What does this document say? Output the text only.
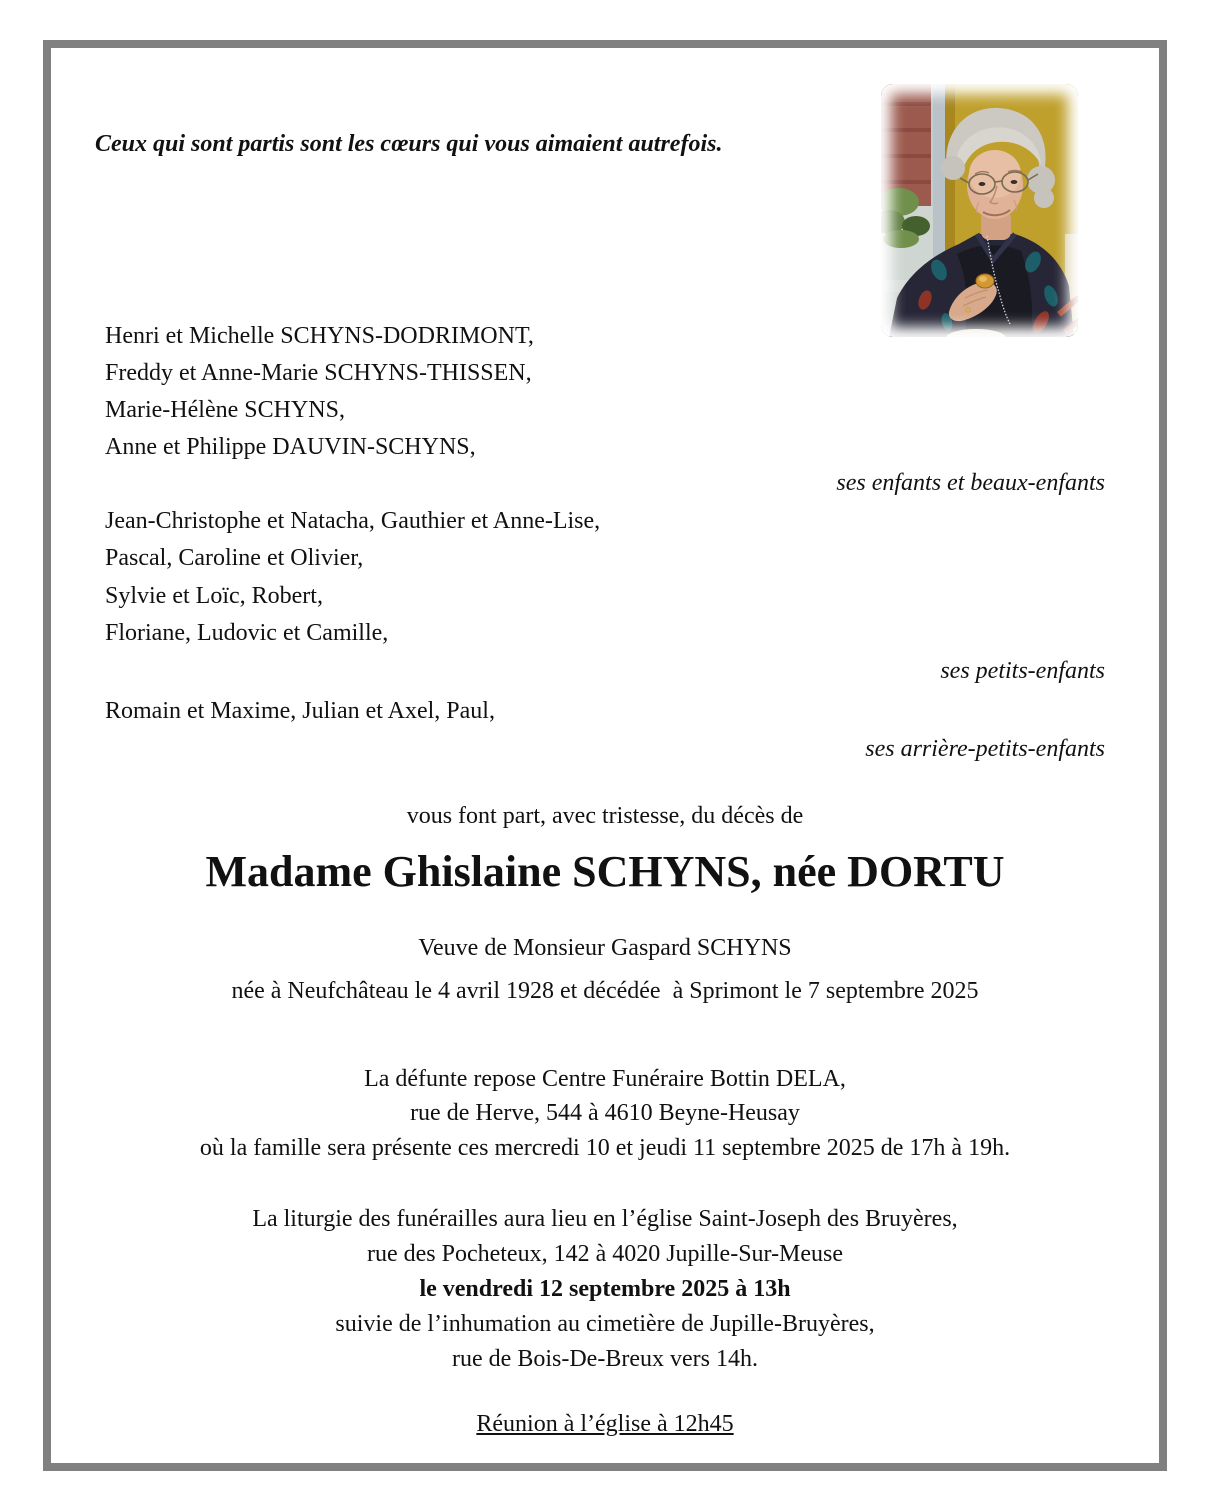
Ceux qui sont partis sont les cœurs qui vous aimaient autrefois.
Henri et Michelle SCHYNS-DODRIMONT,
Freddy et Anne-Marie SCHYNS-THISSEN,
Marie-Hélène SCHYNS,
Anne et Philippe DAUVIN-SCHYNS,
ses enfants et beaux-enfants
Jean-Christophe et Natacha, Gauthier et Anne-Lise,
Pascal, Caroline et Olivier,
Sylvie et Loïc, Robert,
Floriane, Ludovic et Camille,
ses petits-enfants
Romain et Maxime, Julian et Axel, Paul,
ses arrière-petits-enfants
vous font part, avec tristesse, du décès de
Madame Ghislaine SCHYNS, née DORTU
Veuve de Monsieur Gaspard SCHYNS
née à Neufchâteau le 4 avril 1928 et décédée  à Sprimont le 7 septembre 2025
La défunte repose Centre Funéraire Bottin DELA,
rue de Herve, 544 à 4610 Beyne-Heusay
où la famille sera présente ces mercredi 10 et jeudi 11 septembre 2025 de 17h à 19h.
La liturgie des funérailles aura lieu en l’église Saint-Joseph des Bruyères,
rue des Pocheteux, 142 à 4020 Jupille-Sur-Meuse
le vendredi 12 septembre 2025 à 13h
suivie de l’inhumation au cimetière de Jupille-Bruyères,
rue de Bois-De-Breux vers 14h.
Réunion à l’église à 12h45
